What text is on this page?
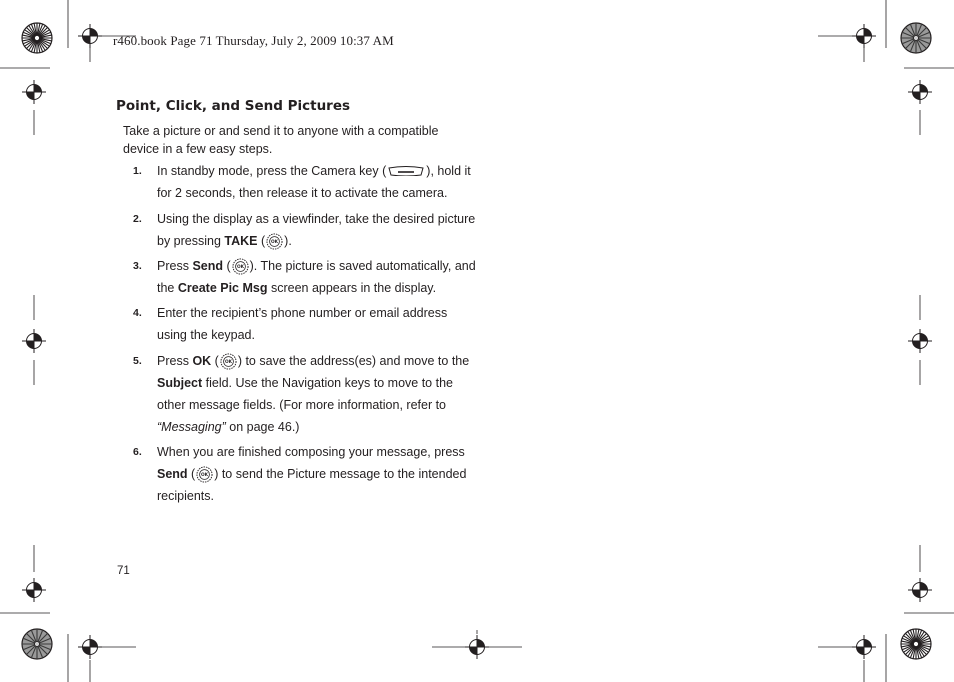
r460.book Page 71 Thursday, July 2, 2009 10:37 AM
Point, Click, and Send Pictures

Take a picture or and send it to anyone with a compatible device in a few easy steps.

1. In standby mode, press the Camera key (	), hold it for 2 seconds, then release it to activate the camera.
2. Using the display as a viewfinder, take the desired picture by pressing TAKE ( OK ).
3. Press Send ( OK ). The picture is saved automatically, and the Create Pic Msg screen appears in the display.
4. Enter the recipient’s phone number or email address using the keypad.
5. Press OK ( OK ) to save the address(es) and move to the Subject field. Use the Navigation keys to move to the other message fields. (For more information, refer to “Messaging” on page 46.)
6. When you are finished composing your message, press Send ( OK ) to send the Picture message to the intended recipients.
71
